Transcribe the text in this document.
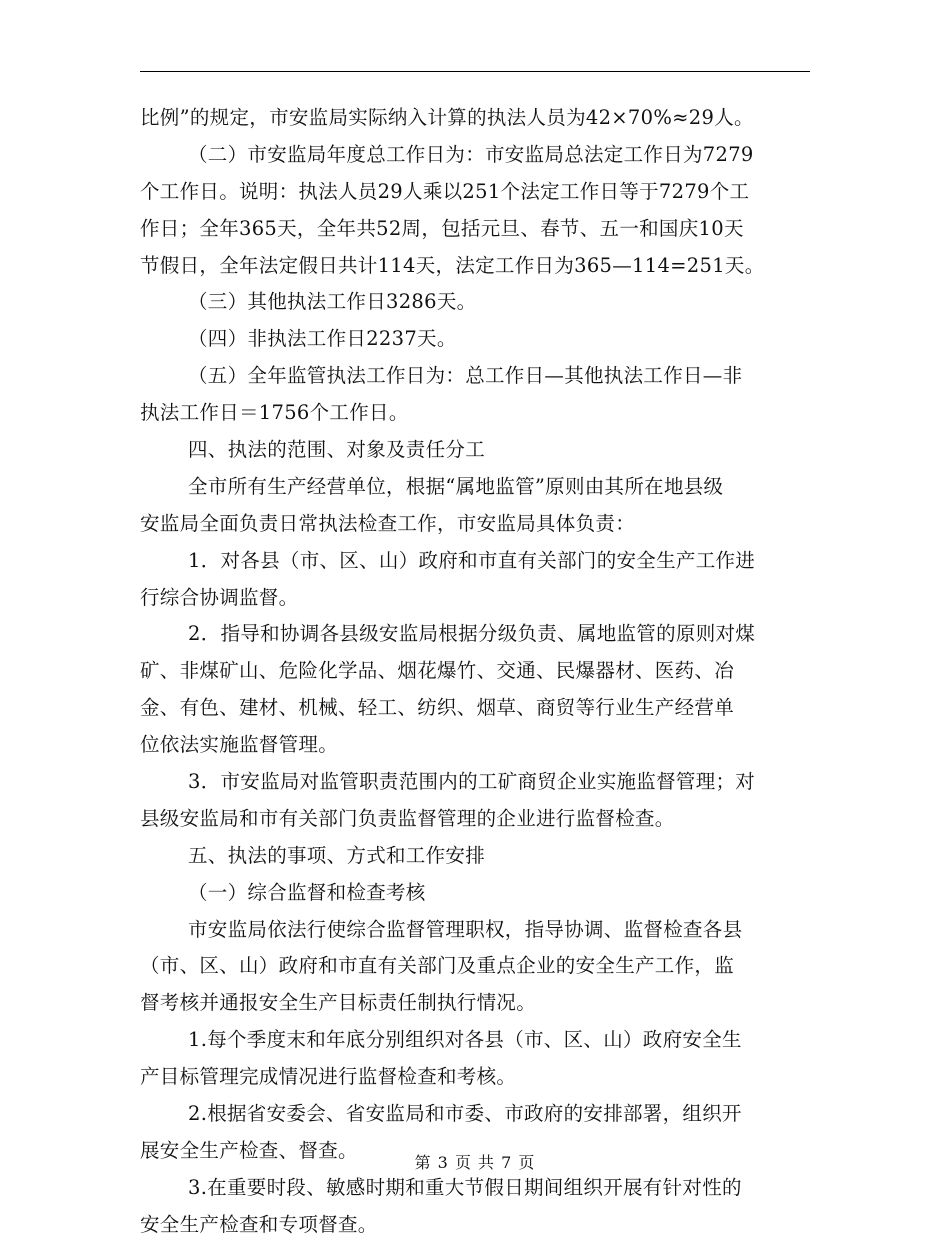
比例”的规定，市安监局实际纳入计算的执法人员为42×70%≈29人。
（二）市安监局年度总工作日为：市安监局总法定工作日为7279
个工作日。说明：执法人员29人乘以251个法定工作日等于7279个工
作日；全年365天，全年共52周，包括元旦、春节、五一和国庆10天
节假日，全年法定假日共计114天，法定工作日为365—114=251天。
（三）其他执法工作日3286天。
（四）非执法工作日2237天。
（五）全年监管执法工作日为：总工作日—其他执法工作日—非
执法工作日＝1756个工作日。
四、执法的范围、对象及责任分工
全市所有生产经营单位，根据“属地监管”原则由其所在地县级
安监局全面负责日常执法检查工作，市安监局具体负责：
1．对各县（市、区、山）政府和市直有关部门的安全生产工作进
行综合协调监督。
2．指导和协调各县级安监局根据分级负责、属地监管的原则对煤
矿、非煤矿山、危险化学品、烟花爆竹、交通、民爆器材、医药、冶
金、有色、建材、机械、轻工、纺织、烟草、商贸等行业生产经营单
位依法实施监督管理。
3．市安监局对监管职责范围内的工矿商贸企业实施监督管理；对
县级安监局和市有关部门负责监督管理的企业进行监督检查。
五、执法的事项、方式和工作安排
（一）综合监督和检查考核
市安监局依法行使综合监督管理职权，指导协调、监督检查各县
（市、区、山）政府和市直有关部门及重点企业的安全生产工作，监
督考核并通报安全生产目标责任制执行情况。
1.每个季度末和年底分别组织对各县（市、区、山）政府安全生
产目标管理完成情况进行监督检查和考核。
2.根据省安委会、省安监局和市委、市政府的安排部署，组织开
展安全生产检查、督查。
3.在重要时段、敏感时期和重大节假日期间组织开展有针对性的
安全生产检查和专项督查。
第 3 页 共 7 页
